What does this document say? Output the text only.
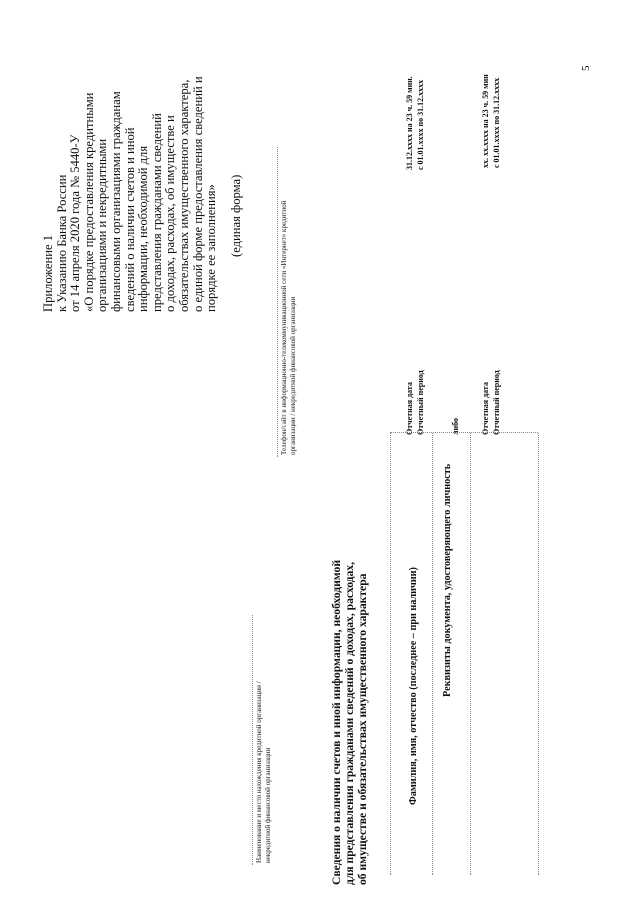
Приложение 1 к Указанию Банка России от 14 апреля 2020 года № 5440-У «О порядке предоставления кредитными организациями и некредитными финансовыми организациями гражданам сведений о наличии счетов и иной информации, необходимой для представления гражданами сведений о доходах, расходах, об имуществе и обязательствах имущественного характера, о единой форме предоставления сведений и порядке ее заполнения» (единая форма)
Наименование и место нахождения кредитной организации / некредитной финансовой организации
Телефон/сайт в информационно-телекоммуникационной сети «Интернет» кредитной организации / некредитной финансовой организации
Сведения о наличии счетов и иной информации, необходимой для представления гражданами сведений о доходах, расходах, об имуществе и обязательствах имущественного характера	Фамилия, имя, отчество (последнее – при наличии) Реквизиты документа, удостоверяющего личность
Отчетная дата Отчетный период
31.12.xxxx на 23 ч. 59 мин. с 01.01.xxxx по 31.12.xxxx
либо	Отчетная дата Отчетный период
xx. xx.xxxx на 23 ч. 59 мин с 01.01.xxxx по 31.12.xxxx
5
